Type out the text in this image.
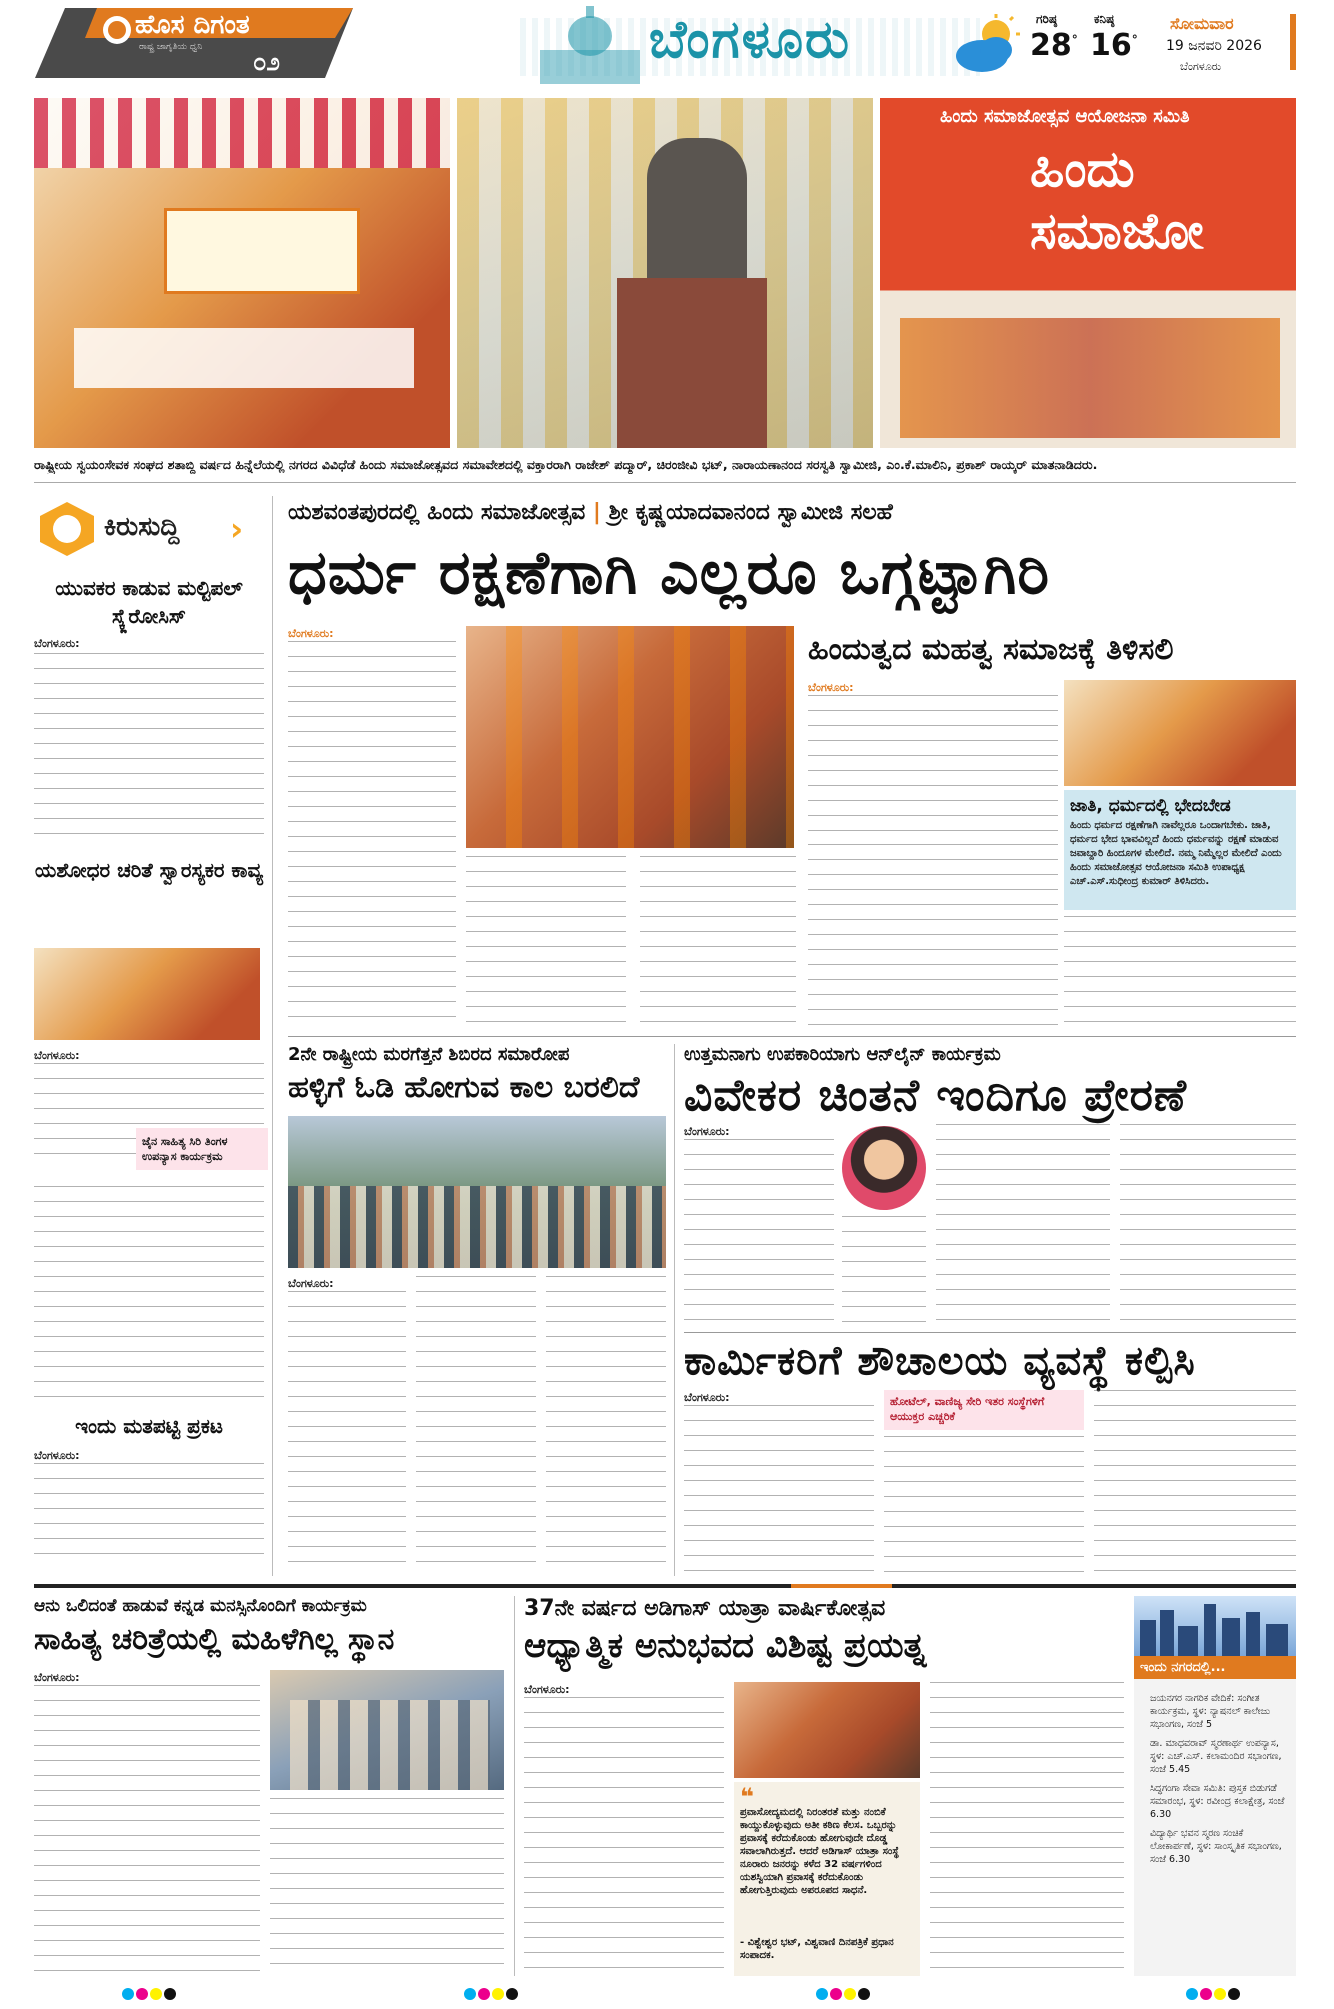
ಹೊಸ ದಿಗಂತ
ರಾಷ್ಟ್ರ ಜಾಗೃತಿಯ ಧ್ವನಿ
೦೨	ಬೆಂಗಳೂರು	ಗರಿಷ್ಠ
28°
ಕನಿಷ್ಠ
16°
ಸೋಮವಾರ
19 ಜನವರಿ 2026
ಬೆಂಗಳೂರು
ಹಿಂದು ಸಮಾಜೋತ್ಸವ ಆಯೋಜನಾ ಸಮಿತಿ
ಹಿಂದು ಸಮಾಜೋ
ರಾಷ್ಟ್ರೀಯ ಸ್ವಯಂಸೇವಕ ಸಂಘದ ಶತಾಬ್ದಿ ವರ್ಷದ ಹಿನ್ನೆಲೆಯಲ್ಲಿ ನಗರದ ವಿವಿಧೆಡೆ ಹಿಂದು ಸಮಾಜೋತ್ಸವದ ಸಮಾವೇಶದಲ್ಲಿ ವಕ್ತಾರರಾಗಿ ರಾಜೇಶ್ ಪದ್ಮಾರ್, ಚಿರಂಜೀವಿ ಭಟ್, ನಾರಾಯಣಾನಂದ ಸರಸ್ವತಿ ಸ್ವಾಮೀಜಿ, ಎಂ.ಕೆ.ಮಾಲಿನಿ, ಪ್ರಕಾಶ್ ರಾಯ್ಕರ್ ಮಾತನಾಡಿದರು.
ಕಿರುಸುದ್ದಿ ›
ಯುವಕರ ಕಾಡುವ ಮಲ್ಟಿಪಲ್ ಸ್ಕ್ಲೆರೋಸಿಸ್
ಬೆಂಗಳೂರು:
ಯಶೋಧರ ಚರಿತೆ ಸ್ವಾರಸ್ಯಕರ ಕಾವ್ಯ
ಬೆಂಗಳೂರು:
ಜೈನ ಸಾಹಿತ್ಯ ಸಿರಿ ತಿಂಗಳ ಉಪನ್ಯಾಸ ಕಾರ್ಯಕ್ರಮ
ಇಂದು ಮತಪಟ್ಟಿ ಪ್ರಕಟ
ಬೆಂಗಳೂರು:
ಯಶವಂತಪುರದಲ್ಲಿ ಹಿಂದು ಸಮಾಜೋತ್ಸವ | ಶ್ರೀ ಕೃಷ್ಣಯಾದವಾನಂದ ಸ್ವಾಮೀಜಿ ಸಲಹೆ
ಧರ್ಮ ರಕ್ಷಣೆಗಾಗಿ ಎಲ್ಲರೂ ಒಗ್ಗಟ್ಟಾಗಿರಿ
ಬೆಂಗಳೂರು:	ಹಿಂದುತ್ವದ ಮಹತ್ವ ಸಮಾಜಕ್ಕೆ ತಿಳಿಸಲಿ
ಬೆಂಗಳೂರು:
ಜಾತಿ, ಧರ್ಮದಲ್ಲಿ ಭೇದಬೇಡ
ಹಿಂದು ಧರ್ಮದ ರಕ್ಷಣೆಗಾಗಿ ನಾವೆಲ್ಲರೂ ಒಂದಾಗಬೇಕು. ಜಾತಿ, ಧರ್ಮದ ಭೇದ ಭಾವವಿಲ್ಲದೆ ಹಿಂದು ಧರ್ಮವನ್ನು ರಕ್ಷಣೆ ಮಾಡುವ ಜವಾಬ್ದಾರಿ ಹಿಂದೂಗಳ ಮೇಲಿದೆ. ನಮ್ಮ ನಿಮ್ಮೆಲ್ಲರ ಮೇಲಿದೆ ಎಂದು ಹಿಂದು ಸಮಾಜೋತ್ಸವ ಆಯೋಜನಾ ಸಮಿತಿ ಉಪಾಧ್ಯಕ್ಷ ಎಚ್.ಎಸ್.ಸುಧೀಂದ್ರ ಕುಮಾರ್ ತಿಳಿಸಿದರು.
2ನೇ ರಾಷ್ಟ್ರೀಯ ಮರಗೆತ್ತನೆ ಶಿಬಿರದ ಸಮಾರೋಪ
ಹಳ್ಳಿಗೆ ಓಡಿ ಹೋಗುವ ಕಾಲ ಬರಲಿದೆ
ಬೆಂಗಳೂರು:
ಉತ್ತಮನಾಗು ಉಪಕಾರಿಯಾಗು ಆನ್‌ಲೈನ್ ಕಾರ್ಯಕ್ರಮ
ವಿವೇಕರ ಚಿಂತನೆ ಇಂದಿಗೂ ಪ್ರೇರಣೆ
ಬೆಂಗಳೂರು:
ಕಾರ್ಮಿಕರಿಗೆ ಶೌಚಾಲಯ ವ್ಯವಸ್ಥೆ ಕಲ್ಪಿಸಿ
ಬೆಂಗಳೂರು:	ಹೋಟೆಲ್, ವಾಣಿಜ್ಯ ಸೇರಿ ಇತರ ಸಂಸ್ಥೆಗಳಿಗೆ ಆಯುಕ್ತರ ಎಚ್ಚರಿಕೆ
ಆನು ಒಲಿದಂತೆ ಹಾಡುವೆ ಕನ್ನಡ ಮನಸ್ಸಿನೊಂದಿಗೆ ಕಾರ್ಯಕ್ರಮ
ಸಾಹಿತ್ಯ ಚರಿತ್ರೆಯಲ್ಲಿ ಮಹಿಳೆಗಿಲ್ಲ ಸ್ಥಾನ
ಬೆಂಗಳೂರು:
37ನೇ ವರ್ಷದ ಅಡಿಗಾಸ್ ಯಾತ್ರಾ ವಾರ್ಷಿಕೋತ್ಸವ
ಆಧ್ಯಾತ್ಮಿಕ ಅನುಭವದ ವಿಶಿಷ್ಟ ಪ್ರಯತ್ನ
ಬೆಂಗಳೂರು:
❝
ಪ್ರವಾಸೋದ್ಯಮದಲ್ಲಿ ನಿರಂತರತೆ ಮತ್ತು ನಂಬಿಕೆ ಕಾಯ್ದುಕೊಳ್ಳುವುದು ಅತೀ ಕಠಿಣ ಕೆಲಸ. ಒಬ್ಬರನ್ನು ಪ್ರವಾಸಕ್ಕೆ ಕರೆದುಕೊಂಡು ಹೋಗುವುದೇ ದೊಡ್ಡ ಸವಾಲಾಗಿರುತ್ತದೆ. ಆದರೆ ಅಡಿಗಾಸ್ ಯಾತ್ರಾ ಸಂಸ್ಥೆ ನೂರಾರು ಜನರನ್ನು ಕಳೆದ 32 ವರ್ಷಗಳಿಂದ ಯಶಸ್ವಿಯಾಗಿ ಪ್ರವಾಸಕ್ಕೆ ಕರೆದುಕೊಂಡು ಹೋಗುತ್ತಿರುವುದು ಅಪರೂಪದ ಸಾಧನೆ.
- ವಿಶ್ವೇಶ್ವರ ಭಟ್, ವಿಶ್ವವಾಣಿ ದಿನಪತ್ರಿಕೆ ಪ್ರಧಾನ ಸಂಪಾದಕ.
ಇಂದು ನಗರದಲ್ಲಿ...
ಜಯನಗರ ನಾಗರಿಕ ವೇದಿಕೆ: ಸಂಗೀತ ಕಾರ್ಯಕ್ರಮ, ಸ್ಥಳ: ನ್ಯಾಷನಲ್ ಕಾಲೇಜು ಸಭಾಂಗಣ, ಸಂಜೆ 5
ಡಾ. ಮಾಧವರಾವ್ ಸ್ಮರಣಾರ್ಥ ಉಪನ್ಯಾಸ, ಸ್ಥಳ: ಎಚ್.ಎಸ್. ಕಲಾಮಂದಿರ ಸಭಾಂಗಣ, ಸಂಜೆ 5.45
ಸಿದ್ಧಗಂಗಾ ಸೇವಾ ಸಮಿತಿ: ಪುಸ್ತಕ ಬಿಡುಗಡೆ ಸಮಾರಂಭ, ಸ್ಥಳ: ರವೀಂದ್ರ ಕಲಾಕ್ಷೇತ್ರ, ಸಂಜೆ 6.30
ವಿದ್ಯಾರ್ಥಿ ಭವನ ಸ್ಮರಣ ಸಂಚಿಕೆ ಲೋಕಾರ್ಪಣೆ, ಸ್ಥಳ: ಸಾಂಸ್ಕೃತಿಕ ಸಭಾಂಗಣ, ಸಂಜೆ 6.30
